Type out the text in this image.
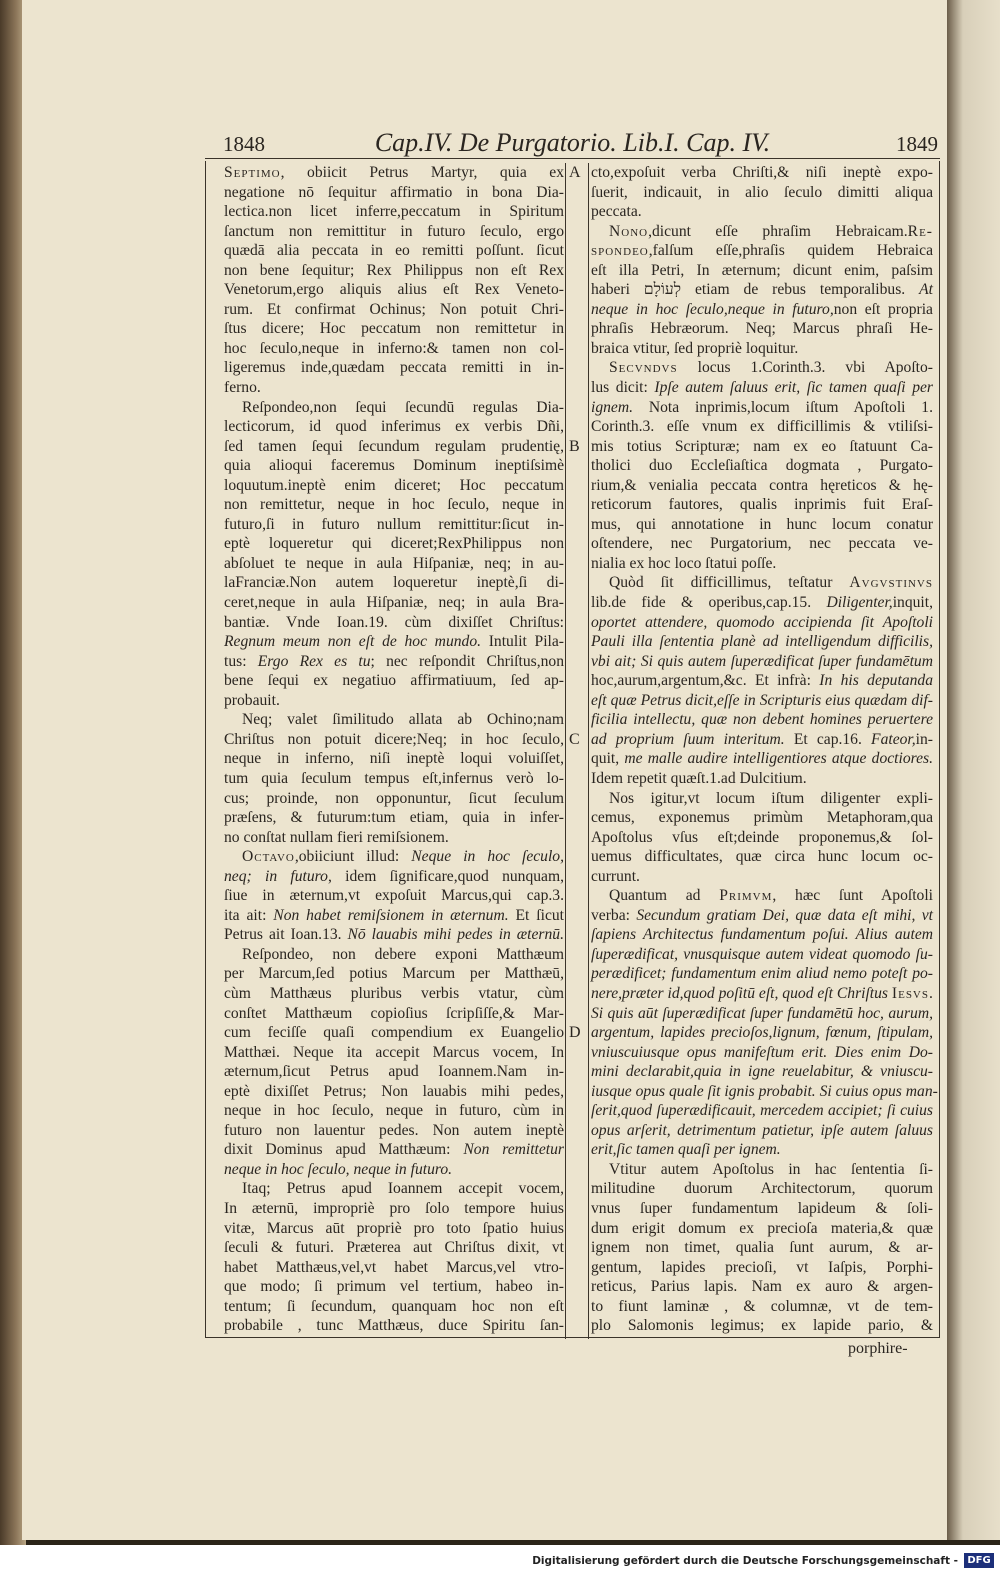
1848	Cap.IV. De Purgatorio. Lib.I. Cap. IV.	1849
A
B
C
D
Septimo, obiicit Petrus Martyr, quia ex
negatione nō ſequitur affirmatio in bona Dia-
lectica.non licet inferre,peccatum in Spiritum
ſanctum non remittitur in futuro ſeculo, ergo
quædā alia peccata in eo remitti poſſunt. ſicut
non bene ſequitur; Rex Philippus non eſt Rex
Venetorum,ergo aliquis alius eſt Rex Veneto-
rum. Et confirmat Ochinus; Non potuit Chri-
ſtus dicere; Hoc peccatum non remittetur in
hoc ſeculo,neque in inferno:& tamen non col-
ligeremus inde,quædam peccata remitti in in-
ferno.
Reſpondeo,non ſequi ſecundū regulas Dia-
lecticorum, id quod inferimus ex verbis Dñi,
ſed tamen ſequi ſecundum regulam prudentię,
quia alioqui faceremus Dominum ineptiſsimè
loquutum.ineptè enim diceret; Hoc peccatum
non remittetur, neque in hoc ſeculo, neque in
futuro,ſi in futuro nullum remittitur:ſicut in-
eptè loqueretur qui diceret;RexPhilippus non
abſoluet te neque in aula Hiſpaniæ, neq; in au-
laFranciæ.Non autem loqueretur ineptè,ſi di-
ceret,neque in aula Hiſpaniæ, neq; in aula Bra-
bantiæ. Vnde Ioan.19. cùm dixiſſet Chriſtus:
Regnum meum non eſt de hoc mundo. Intulit Pila-
tus: Ergo Rex es tu; nec reſpondit Chriſtus,non
bene ſequi ex negatiuo affirmatiuum, ſed ap-
probauit.
Neq; valet ſimilitudo allata ab Ochino;nam
Chriſtus non potuit dicere;Neq; in hoc ſeculo,
neque in inferno, niſi ineptè loqui voluiſſet,
tum quia ſeculum tempus eſt,infernus verò lo-
cus; proinde, non opponuntur, ſicut ſeculum
præſens, & futurum:tum etiam, quia in infer-
no conſtat nullam fieri remiſsionem.
Octavo,obiiciunt illud: Neque in hoc ſeculo,
neq; in futuro, idem ſignificare,quod nunquam,
ſiue in æternum,vt expoſuit Marcus,qui cap.3.
ita ait: Non habet remiſsionem in æternum. Et ſicut
Petrus ait Ioan.13. Nō lauabis mihi pedes in æternū.
Reſpondeo, non debere exponi Matthæum
per Marcum,ſed potius Marcum per Matthæū,
cùm Matthæus pluribus verbis vtatur, cùm
conſtet Matthæum copioſius ſcripſiſſe,& Mar-
cum feciſſe quaſi compendium ex Euangelio
Matthæi. Neque ita accepit Marcus vocem, In
æternum,ſicut Petrus apud Ioannem.Nam in-
eptè dixiſſet Petrus; Non lauabis mihi pedes,
neque in hoc ſeculo, neque in futuro, cùm in
futuro non lauentur pedes. Non autem ineptè
dixit Dominus apud Matthæum: Non remittetur
neque in hoc ſeculo, neque in futuro.
Itaq; Petrus apud Ioannem accepit vocem,
In æternū, impropriè pro ſolo tempore huius
vitæ, Marcus aūt propriè pro toto ſpatio huius
ſeculi & futuri. Præterea aut Chriſtus dixit, vt
habet Matthæus,vel,vt habet Marcus,vel vtro-
que modo; ſi primum vel tertium, habeo in-
tentum; ſi ſecundum, quanquam hoc non eſt
probabile , tunc Matthæus, duce Spiritu ſan-
cto,expoſuit verba Chriſti,& niſi ineptè expo-
ſuerit, indicauit, in alio ſeculo dimitti aliqua
peccata.
Nono,dicunt eſſe phraſim Hebraicam.Re-
spondeo,falſum eſſe,phraſis quidem Hebraica
eſt illa Petri, In æternum; dicunt enim, paſsim
haberi לְעוֹלָם etiam de rebus temporalibus. At
neque in hoc ſeculo,neque in futuro,non eſt propria
phraſis Hebræorum. Neq; Marcus phraſi He-
braica vtitur, ſed propriè loquitur.
Secvndvs locus 1.Corinth.3. vbi Apoſto-
lus dicit: Ipſe autem ſaluus erit, ſic tamen quaſi per
ignem. Nota inprimis,locum iſtum Apoſtoli 1.
Corinth.3. eſſe vnum ex difficillimis & vtiliſsi-
mis totius Scripturæ; nam ex eo ſtatuunt Ca-
tholici duo Eccleſiaſtica dogmata , Purgato-
rium,& venialia peccata contra hęreticos & hę-
reticorum fautores, qualis inprimis fuit Eraſ-
mus, qui annotatione in hunc locum conatur
oſtendere, nec Purgatorium, nec peccata ve-
nialia ex hoc loco ſtatui poſſe.
Quòd ſit difficillimus, teſtatur Avgvstinvs
lib.de fide & operibus,cap.15. Diligenter,inquit,
oportet attendere, quomodo accipienda ſit Apoſtoli
Pauli illa ſententia planè ad intelligendum difficilis,
vbi ait; Si quis autem ſuperædificat ſuper fundamētum
hoc,aurum,argentum,&c. Et infrà: In his deputanda
eſt quæ Petrus dicit,eſſe in Scripturis eius quædam dif-
ficilia intellectu, quæ non debent homines peruertere
ad proprium ſuum interitum. Et cap.16. Fateor,in-
quit, me malle audire intelligentiores atque doctiores.
Idem repetit quæſt.1.ad Dulcitium.
Nos igitur,vt locum iſtum diligenter expli-
cemus, exponemus primùm Metaphoram,qua
Apoſtolus vſus eſt;deinde proponemus,& ſol-
uemus difficultates, quæ circa hunc locum oc-
currunt.
Quantum ad Primvm, hæc ſunt Apoſtoli
verba: Secundum gratiam Dei, quæ data eſt mihi, vt
ſapiens Architectus fundamentum poſui. Alius autem
ſuperædificat, vnusquisque autem videat quomodo ſu-
perædificet; fundamentum enim aliud nemo poteſt po-
nere,præter id,quod poſitū eſt, quod eſt Chriſtus Iesvs.
Si quis aūt ſuperædificat ſuper fundamētū hoc, aurum,
argentum, lapides precioſos,lignum, fœnum, ſtipulam,
vniuscuiusque opus manifeſtum erit. Dies enim Do-
mini declarabit,quia in igne reuelabitur, & vniuscu-
iusque opus quale ſit ignis probabit. Si cuius opus man-
ſerit,quod ſuperædificauit, mercedem accipiet; ſi cuius
opus arſerit, detrimentum patietur, ipſe autem ſaluus
erit,ſic tamen quaſi per ignem.
Vtitur autem Apoſtolus in hac ſententia ſi-
militudine duorum Architectorum, quorum
vnus ſuper fundamentum lapideum & ſoli-
dum erigit domum ex precioſa materia,& quæ
ignem non timet, qualia ſunt aurum, & ar-
gentum, lapides precioſi, vt Iaſpis, Porphi-
reticus, Parius lapis. Nam ex auro & argen-
to fiunt laminæ , & columnæ, vt de tem-
plo Salomonis legimus; ex lapide pario, &
porphire-
Digitalisierung gefördert durch die Deutsche Forschungsgemeinschaft - DFG
